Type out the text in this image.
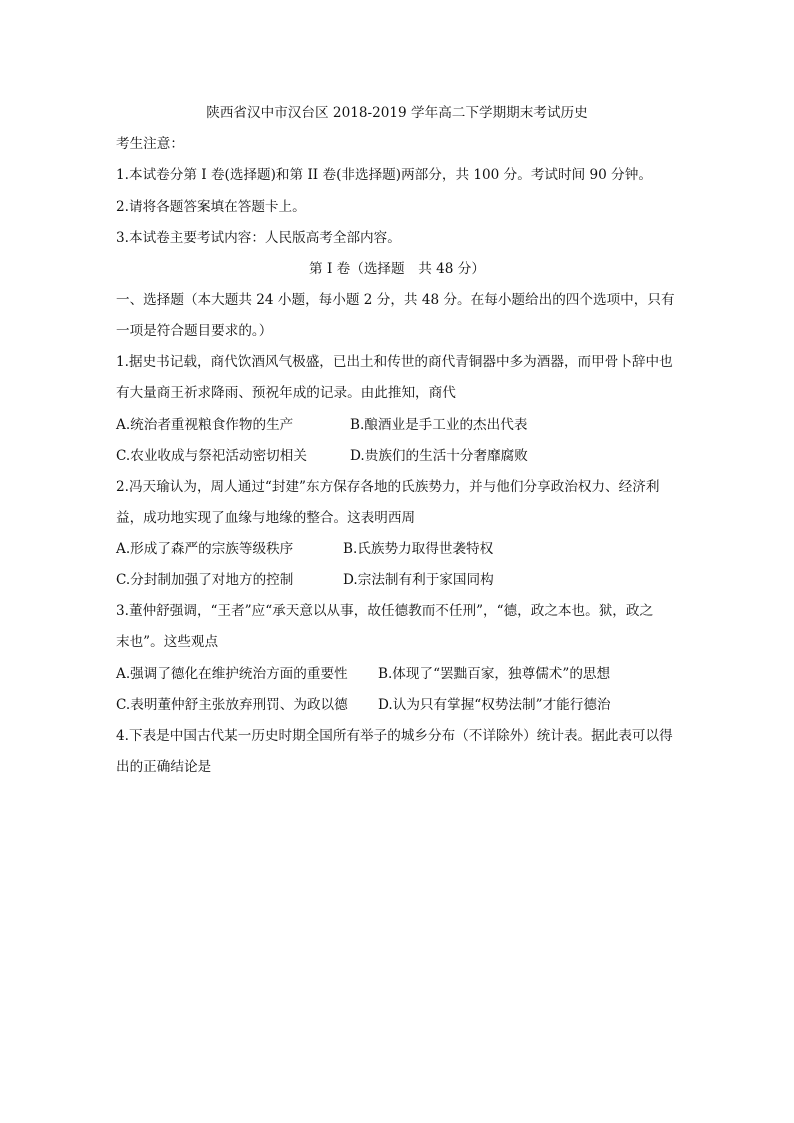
陕西省汉中市汉台区 2018-2019 学年高二下学期期末考试历史
考生注意：
1.本试卷分第 I 卷(选择题)和第 II 卷(非选择题)两部分，共 100 分。考试时间 90 分钟。
2.请将各题答案填在答题卡上。
3.本试卷主要考试内容：人民版高考全部内容。
第 I 卷（选择题　共 48 分）
一、选择题（本大题共 24 小题，每小题 2 分，共 48 分。在每小题给出的四个选项中，只有
一项是符合题目要求的。）
1.据史书记载，商代饮酒风气极盛，已出土和传世的商代青铜器中多为酒器，而甲骨卜辞中也
有大量商王祈求降雨、预祝年成的记录。由此推知，商代
A.统治者重视粮食作物的生产	B.酿酒业是手工业的杰出代表
C.农业收成与祭祀活动密切相关	D.贵族们的生活十分奢靡腐败
2.冯天瑜认为，周人通过“封建”东方保存各地的氏族势力，并与他们分享政治权力、经济利
益，成功地实现了血缘与地缘的整合。这表明西周
A.形成了森严的宗族等级秩序	B.氏族势力取得世袭特权
C.分封制加强了对地方的控制	D.宗法制有利于家国同构
3.董仲舒强调，“王者”应“承天意以从事，故任德教而不任刑”，“德，政之本也。狱，政之
末也”。这些观点
A.强调了德化在维护统治方面的重要性 B.体现了“罢黜百家，独尊儒术”的思想
C.表明董仲舒主张放弃刑罚、为政以德 D.认为只有掌握“权势法制”才能行德治
4.下表是中国古代某一历史时期全国所有举子的城乡分布（不详除外）统计表。据此表可以得
出的正确结论是
